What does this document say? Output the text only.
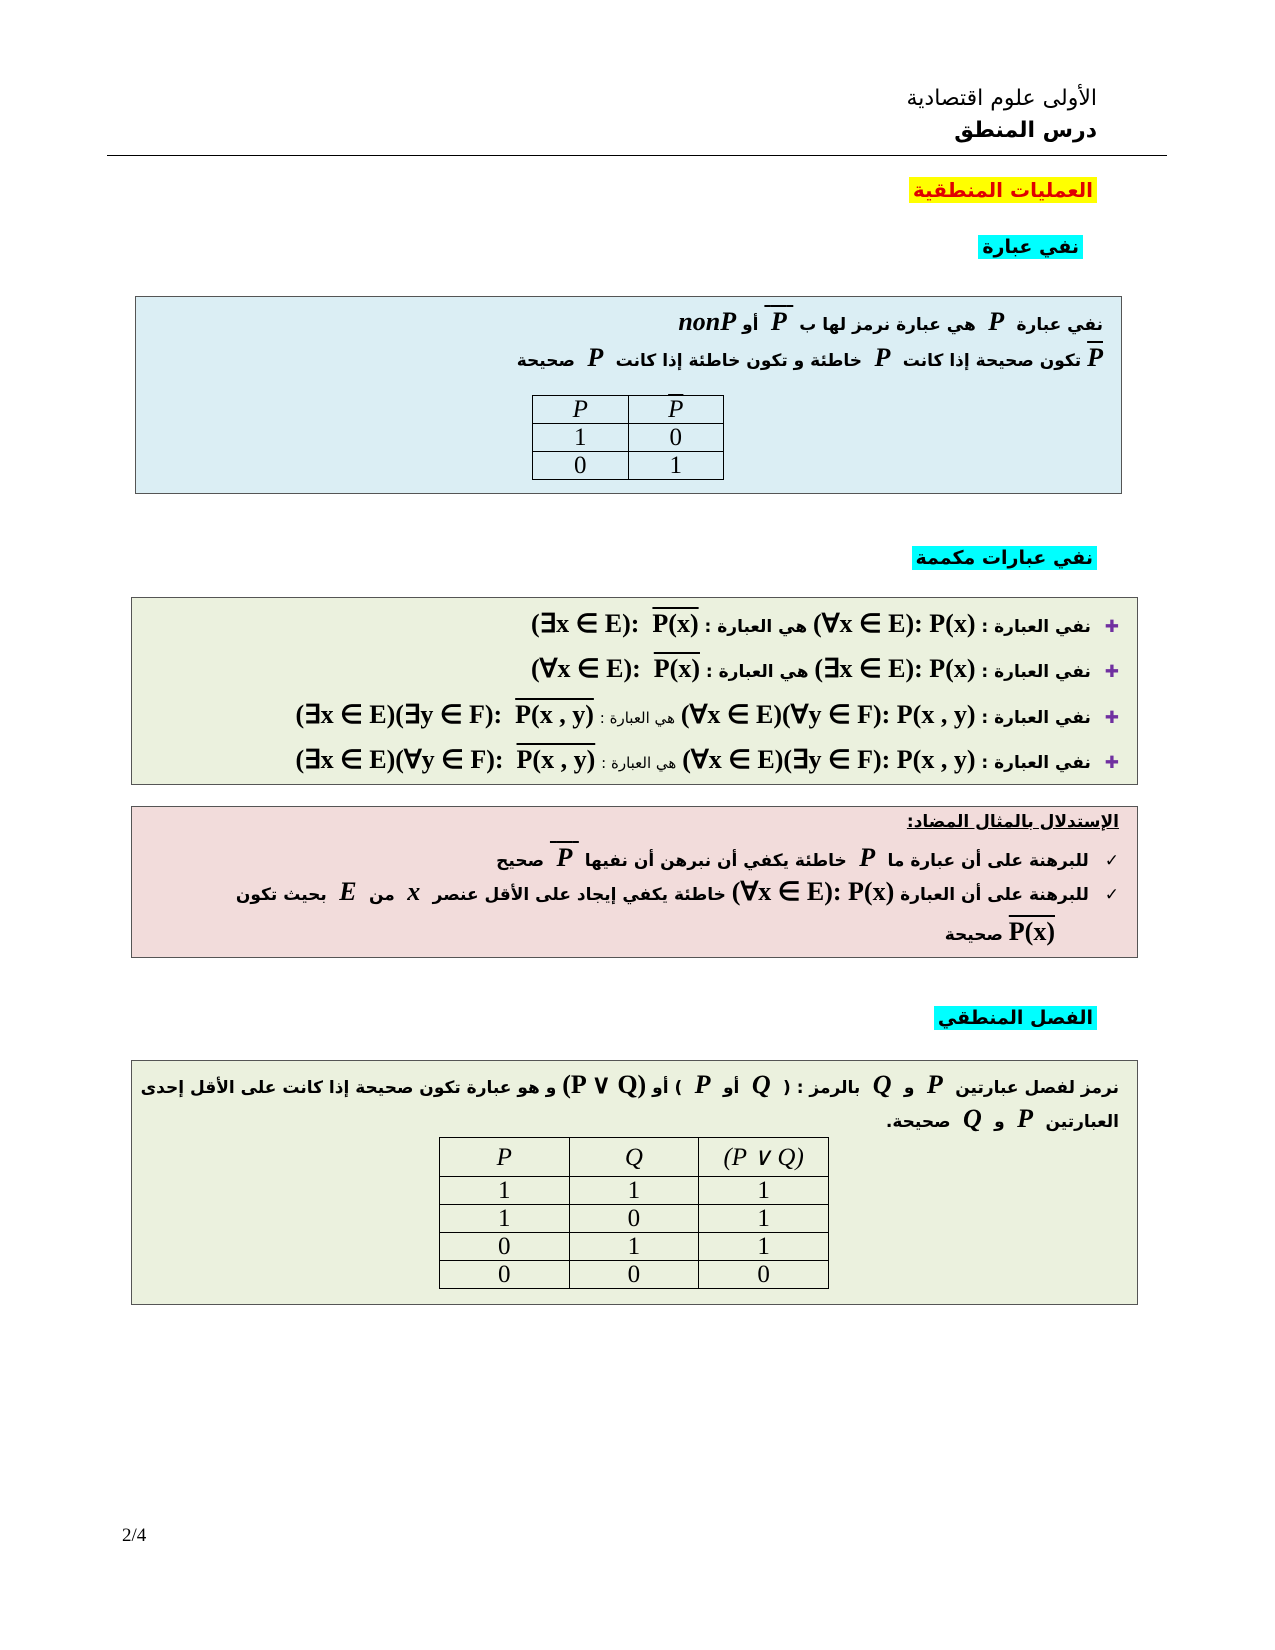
الأولى علوم اقتصادية
درس المنطق
العمليات المنطقية
نفي عبارة
نفي عبارة  P  هي عبارة نرمز لها ب  P  أو nonP
P تكون صحيحة إذا كانت  P  خاطئة و تكون خاطئة إذا كانت  P  صحيحة
P	$\overline{P}$
1	0
0	1
نفي عبارات مكممة
✚ نفي العبارة : (∀x ∈ E): P(x) هي العبارة : (∃x ∈ E): P(x)
✚ نفي العبارة : (∃x ∈ E): P(x) هي العبارة : (∀x ∈ E): P(x)
✚ نفي العبارة : (∀x ∈ E)(∀y ∈ F): P(x , y) هي العبارة : (∃x ∈ E)(∃y ∈ F): P(x , y)
✚ نفي العبارة : (∀x ∈ E)(∃y ∈ F): P(x , y) هي العبارة : (∃x ∈ E)(∀y ∈ F): P(x , y)
الإستدلال بالمثال المضاد:
✓ للبرهنة على أن عبارة ما  P  خاطئة يكفي أن نبرهن أن نفيها  P  صحيح
✓ للبرهنة على أن العبارة (∀x ∈ E): P(x) خاطئة يكفي إيجاد على الأقل عنصر  x  من  E  بحيث تكون
P(x) صحيحة
الفصل المنطقي
نرمز لفصل عبارتين  P  و  Q  بالرمز : (  Q  أو  P  ) أو (P ∨ Q) و هو عبارة تكون صحيحة إذا كانت على الأقل إحدى
العبارتين  P  و  Q  صحيحة.
P	Q	(P ∨ Q)
1	1	1
1	0	1
0	1	1
0	0	0
2/4
